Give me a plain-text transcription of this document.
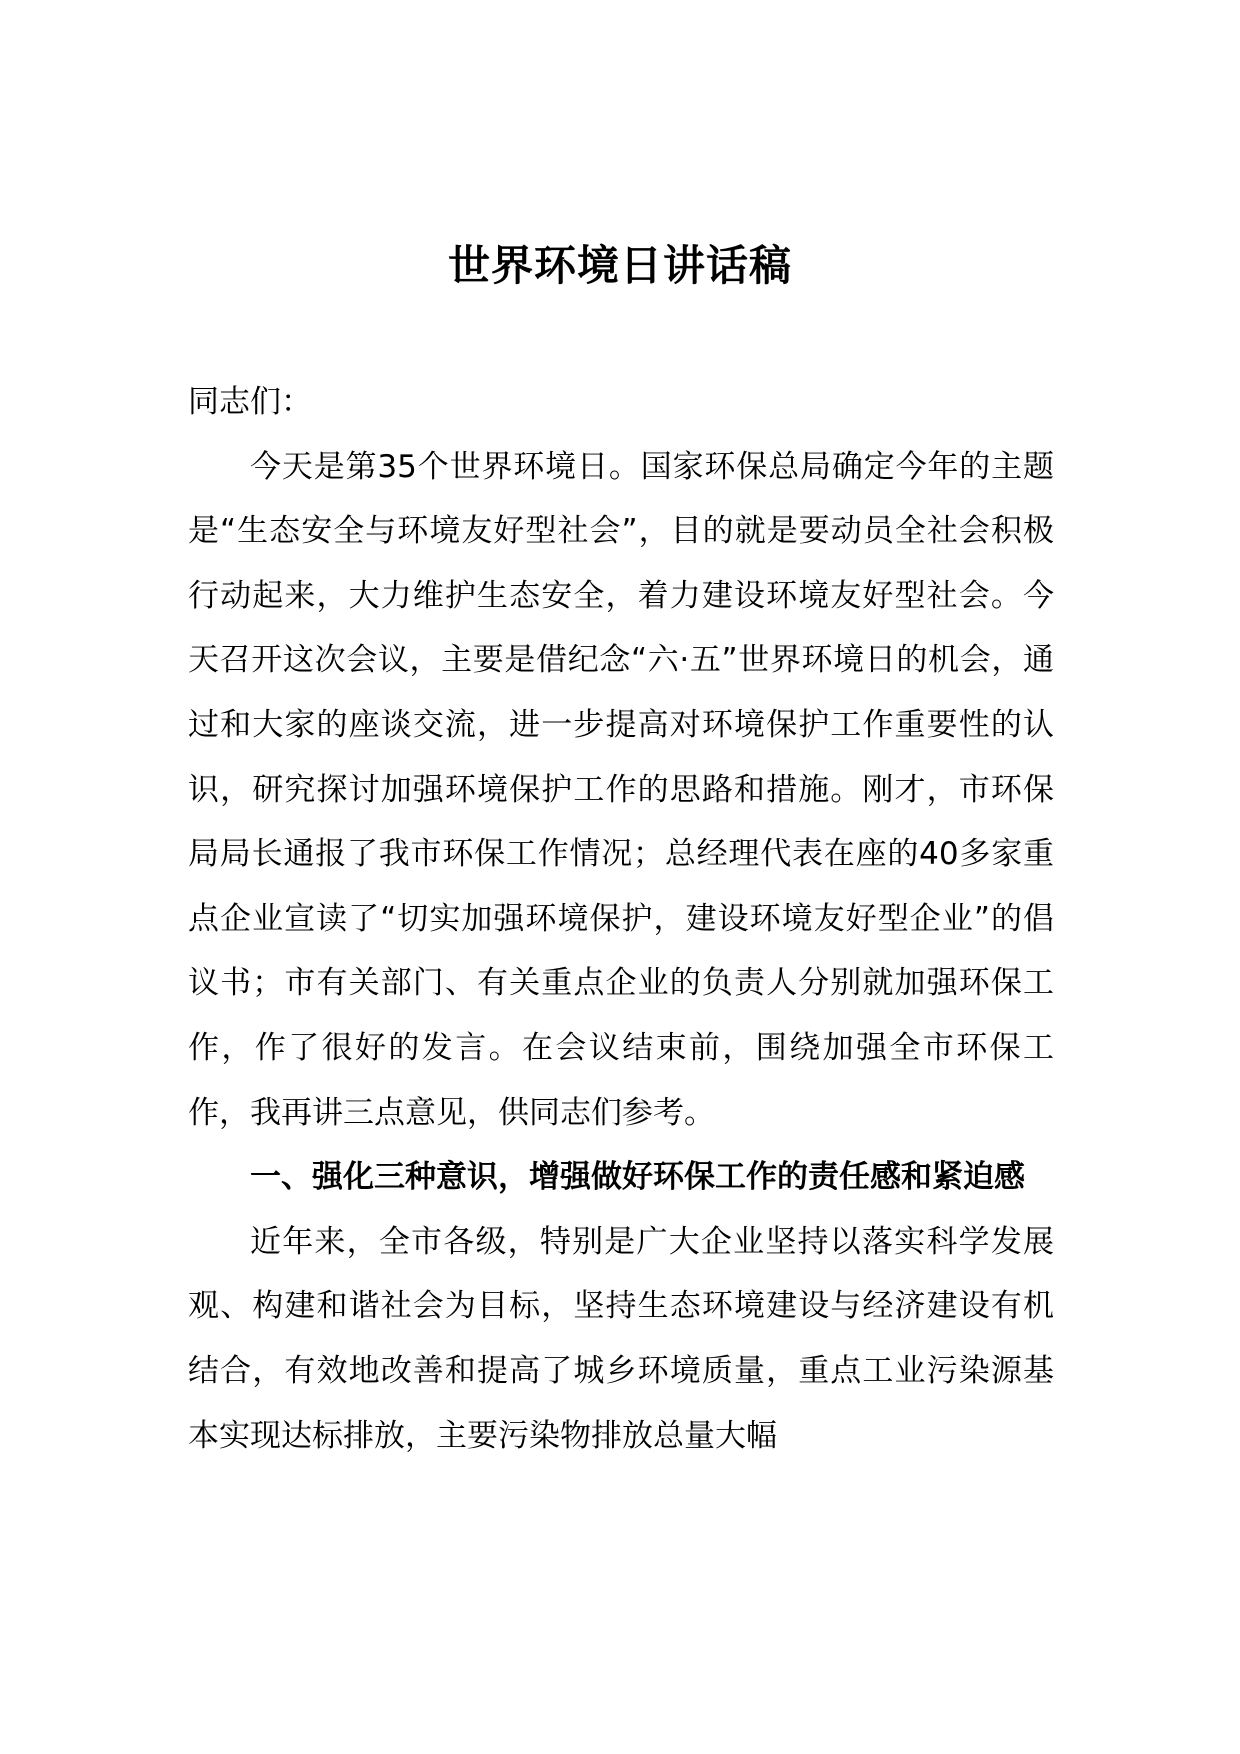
世界环境日讲话稿

同志们：

今天是第35个世界环境日。国家环保总局确定今年的主题是“生态安全与环境友好型社会”，目的就是要动员全社会积极行动起来，大力维护生态安全，着力建设环境友好型社会。今天召开这次会议，主要是借纪念“六·五”世界环境日的机会，通过和大家的座谈交流，进一步提高对环境保护工作重要性的认识，研究探讨加强环境保护工作的思路和措施。刚才，市环保局局长通报了我市环保工作情况；总经理代表在座的40多家重点企业宣读了“切实加强环境保护，建设环境友好型企业”的倡议书；市有关部门、有关重点企业的负责人分别就加强环保工作，作了很好的发言。在会议结束前，围绕加强全市环保工作，我再讲三点意见，供同志们参考。

一、强化三种意识，增强做好环保工作的责任感和紧迫感

近年来，全市各级，特别是广大企业坚持以落实科学发展观、构建和谐社会为目标，坚持生态环境建设与经济建设有机结合，有效地改善和提高了城乡环境质量，重点工业污染源基本实现达标排放，主要污染物排放总量大幅
